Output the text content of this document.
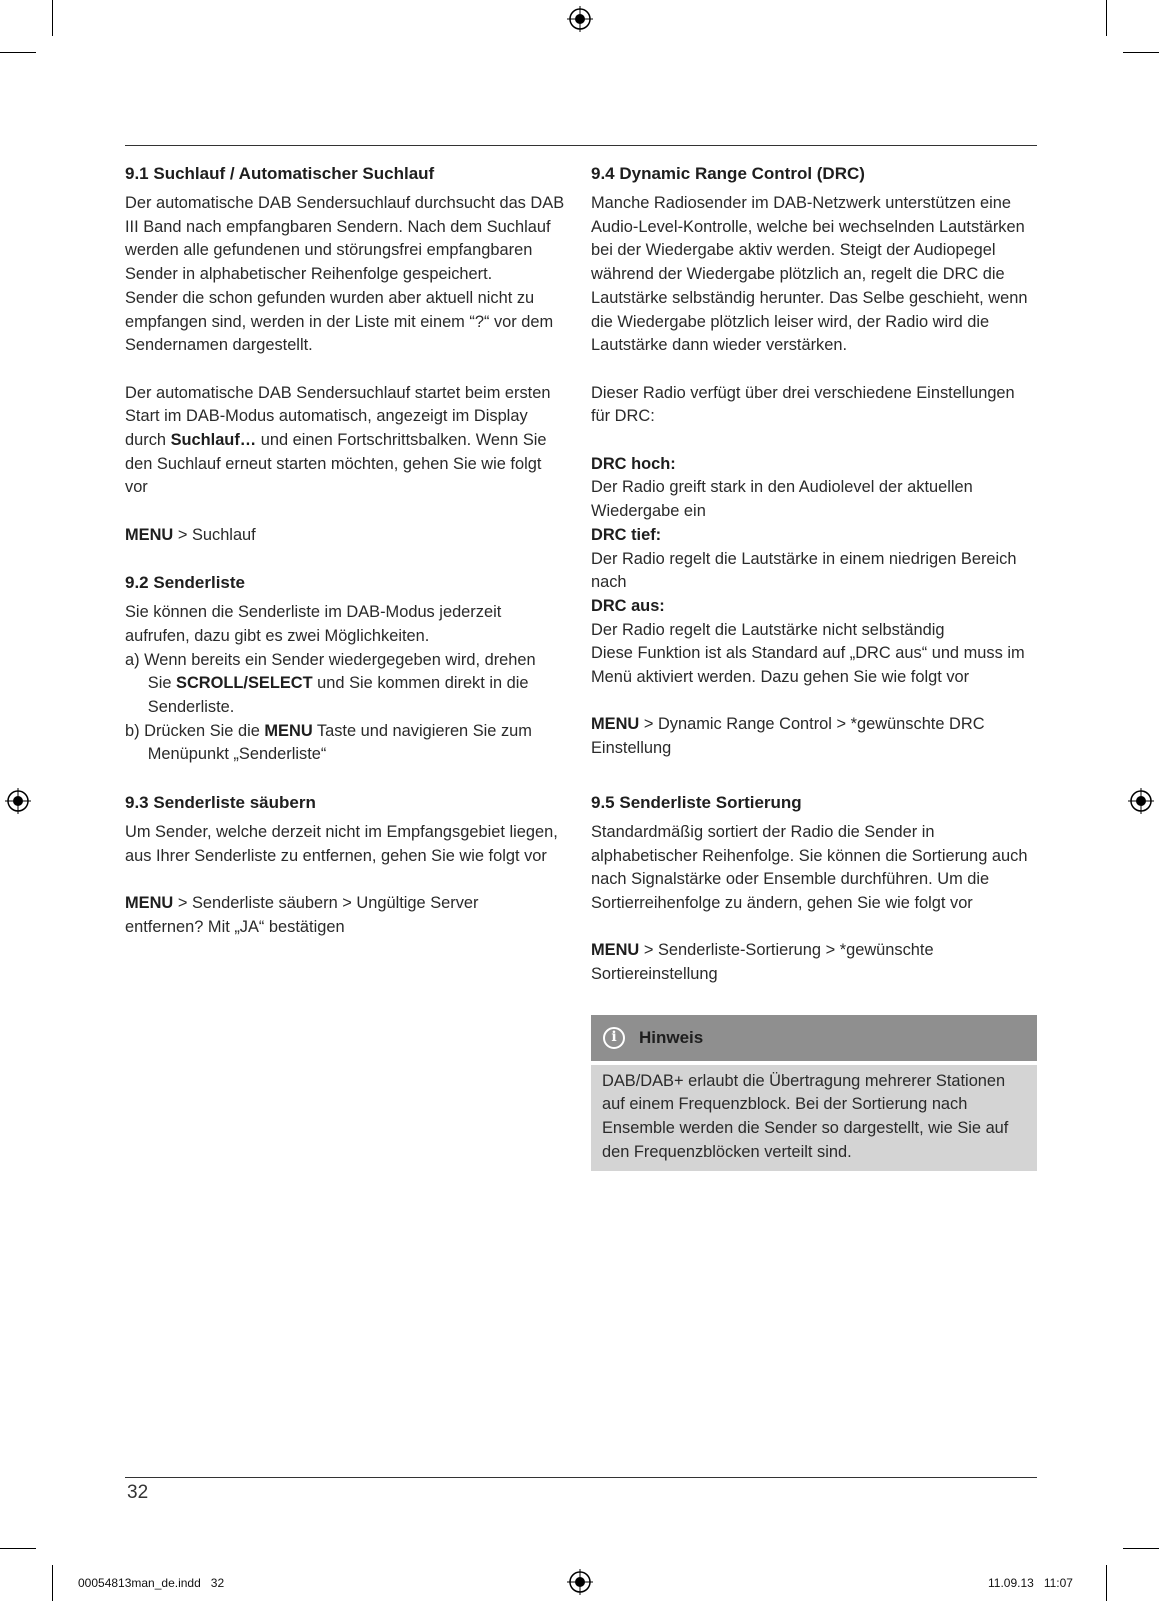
9.1 Suchlauf / Automatischer Suchlauf

Der automatische DAB Sendersuchlauf durchsucht das DAB

III Band nach empfangbaren Sendern. Nach dem Suchlauf

werden alle gefundenen und störungsfrei empfangbaren

Sender in alphabetischer Reihenfolge gespeichert.

Sender die schon gefunden wurden aber aktuell nicht zu

empfangen sind, werden in der Liste mit einem “?“ vor dem

Sendernamen dargestellt.

Der automatische DAB Sendersuchlauf startet beim ersten

Start im DAB-Modus automatisch, angezeigt im Display

durch Suchlauf… und einen Fortschrittsbalken. Wenn Sie

den Suchlauf erneut starten möchten, gehen Sie wie folgt

vor

MENU > Suchlauf

9.2 Senderliste

Sie können die Senderliste im DAB-Modus jederzeit

aufrufen, dazu gibt es zwei Möglichkeiten.

a) Wenn bereits ein Sender wiedergegeben wird, drehen

Sie SCROLL/SELECT und Sie kommen direkt in die

Senderliste.

b) Drücken Sie die MENU Taste und navigieren Sie zum

Menüpunkt „Senderliste“

9.3 Senderliste säubern

Um Sender, welche derzeit nicht im Empfangsgebiet liegen,

aus Ihrer Senderliste zu entfernen, gehen Sie wie folgt vor

MENU > Senderliste säubern > Ungültige Server

entfernen? Mit „JA“ bestätigen

9.4 Dynamic Range Control (DRC)

Manche Radiosender im DAB-Netzwerk unterstützen eine

Audio-Level-Kontrolle, welche bei wechselnden Lautstärken

bei der Wiedergabe aktiv werden. Steigt der Audiopegel

während der Wiedergabe plötzlich an, regelt die DRC die

Lautstärke selbständig herunter. Das Selbe geschieht, wenn

die Wiedergabe plötzlich leiser wird, der Radio wird die

Lautstärke dann wieder verstärken.

Dieser Radio verfügt über drei verschiedene Einstellungen

für DRC:

DRC hoch:

Der Radio greift stark in den Audiolevel der aktuellen

Wiedergabe ein

DRC tief:

Der Radio regelt die Lautstärke in einem niedrigen Bereich

nach

DRC aus:

Der Radio regelt die Lautstärke nicht selbständig

Diese Funktion ist als Standard auf „DRC aus“ und muss im

Menü aktiviert werden. Dazu gehen Sie wie folgt vor

MENU > Dynamic Range Control > *gewünschte DRC

Einstellung

9.5 Senderliste Sortierung

Standardmäßig sortiert der Radio die Sender in

alphabetischer Reihenfolge. Sie können die Sortierung auch

nach Signalstärke oder Ensemble durchführen. Um die

Sortierreihenfolge zu ändern, gehen Sie wie folgt vor

MENU > Senderliste-Sortierung > *gewünschte

Sortiereinstellung

i	Hinweis

DAB/DAB+ erlaubt die Übertragung mehrerer Stationen

auf einem Frequenzblock. Bei der Sortierung nach

Ensemble werden die Sender so dargestellt, wie Sie auf

den Frequenzblöcken verteilt sind.

32
00054813man_de.indd   32	11.09.13   11:07
